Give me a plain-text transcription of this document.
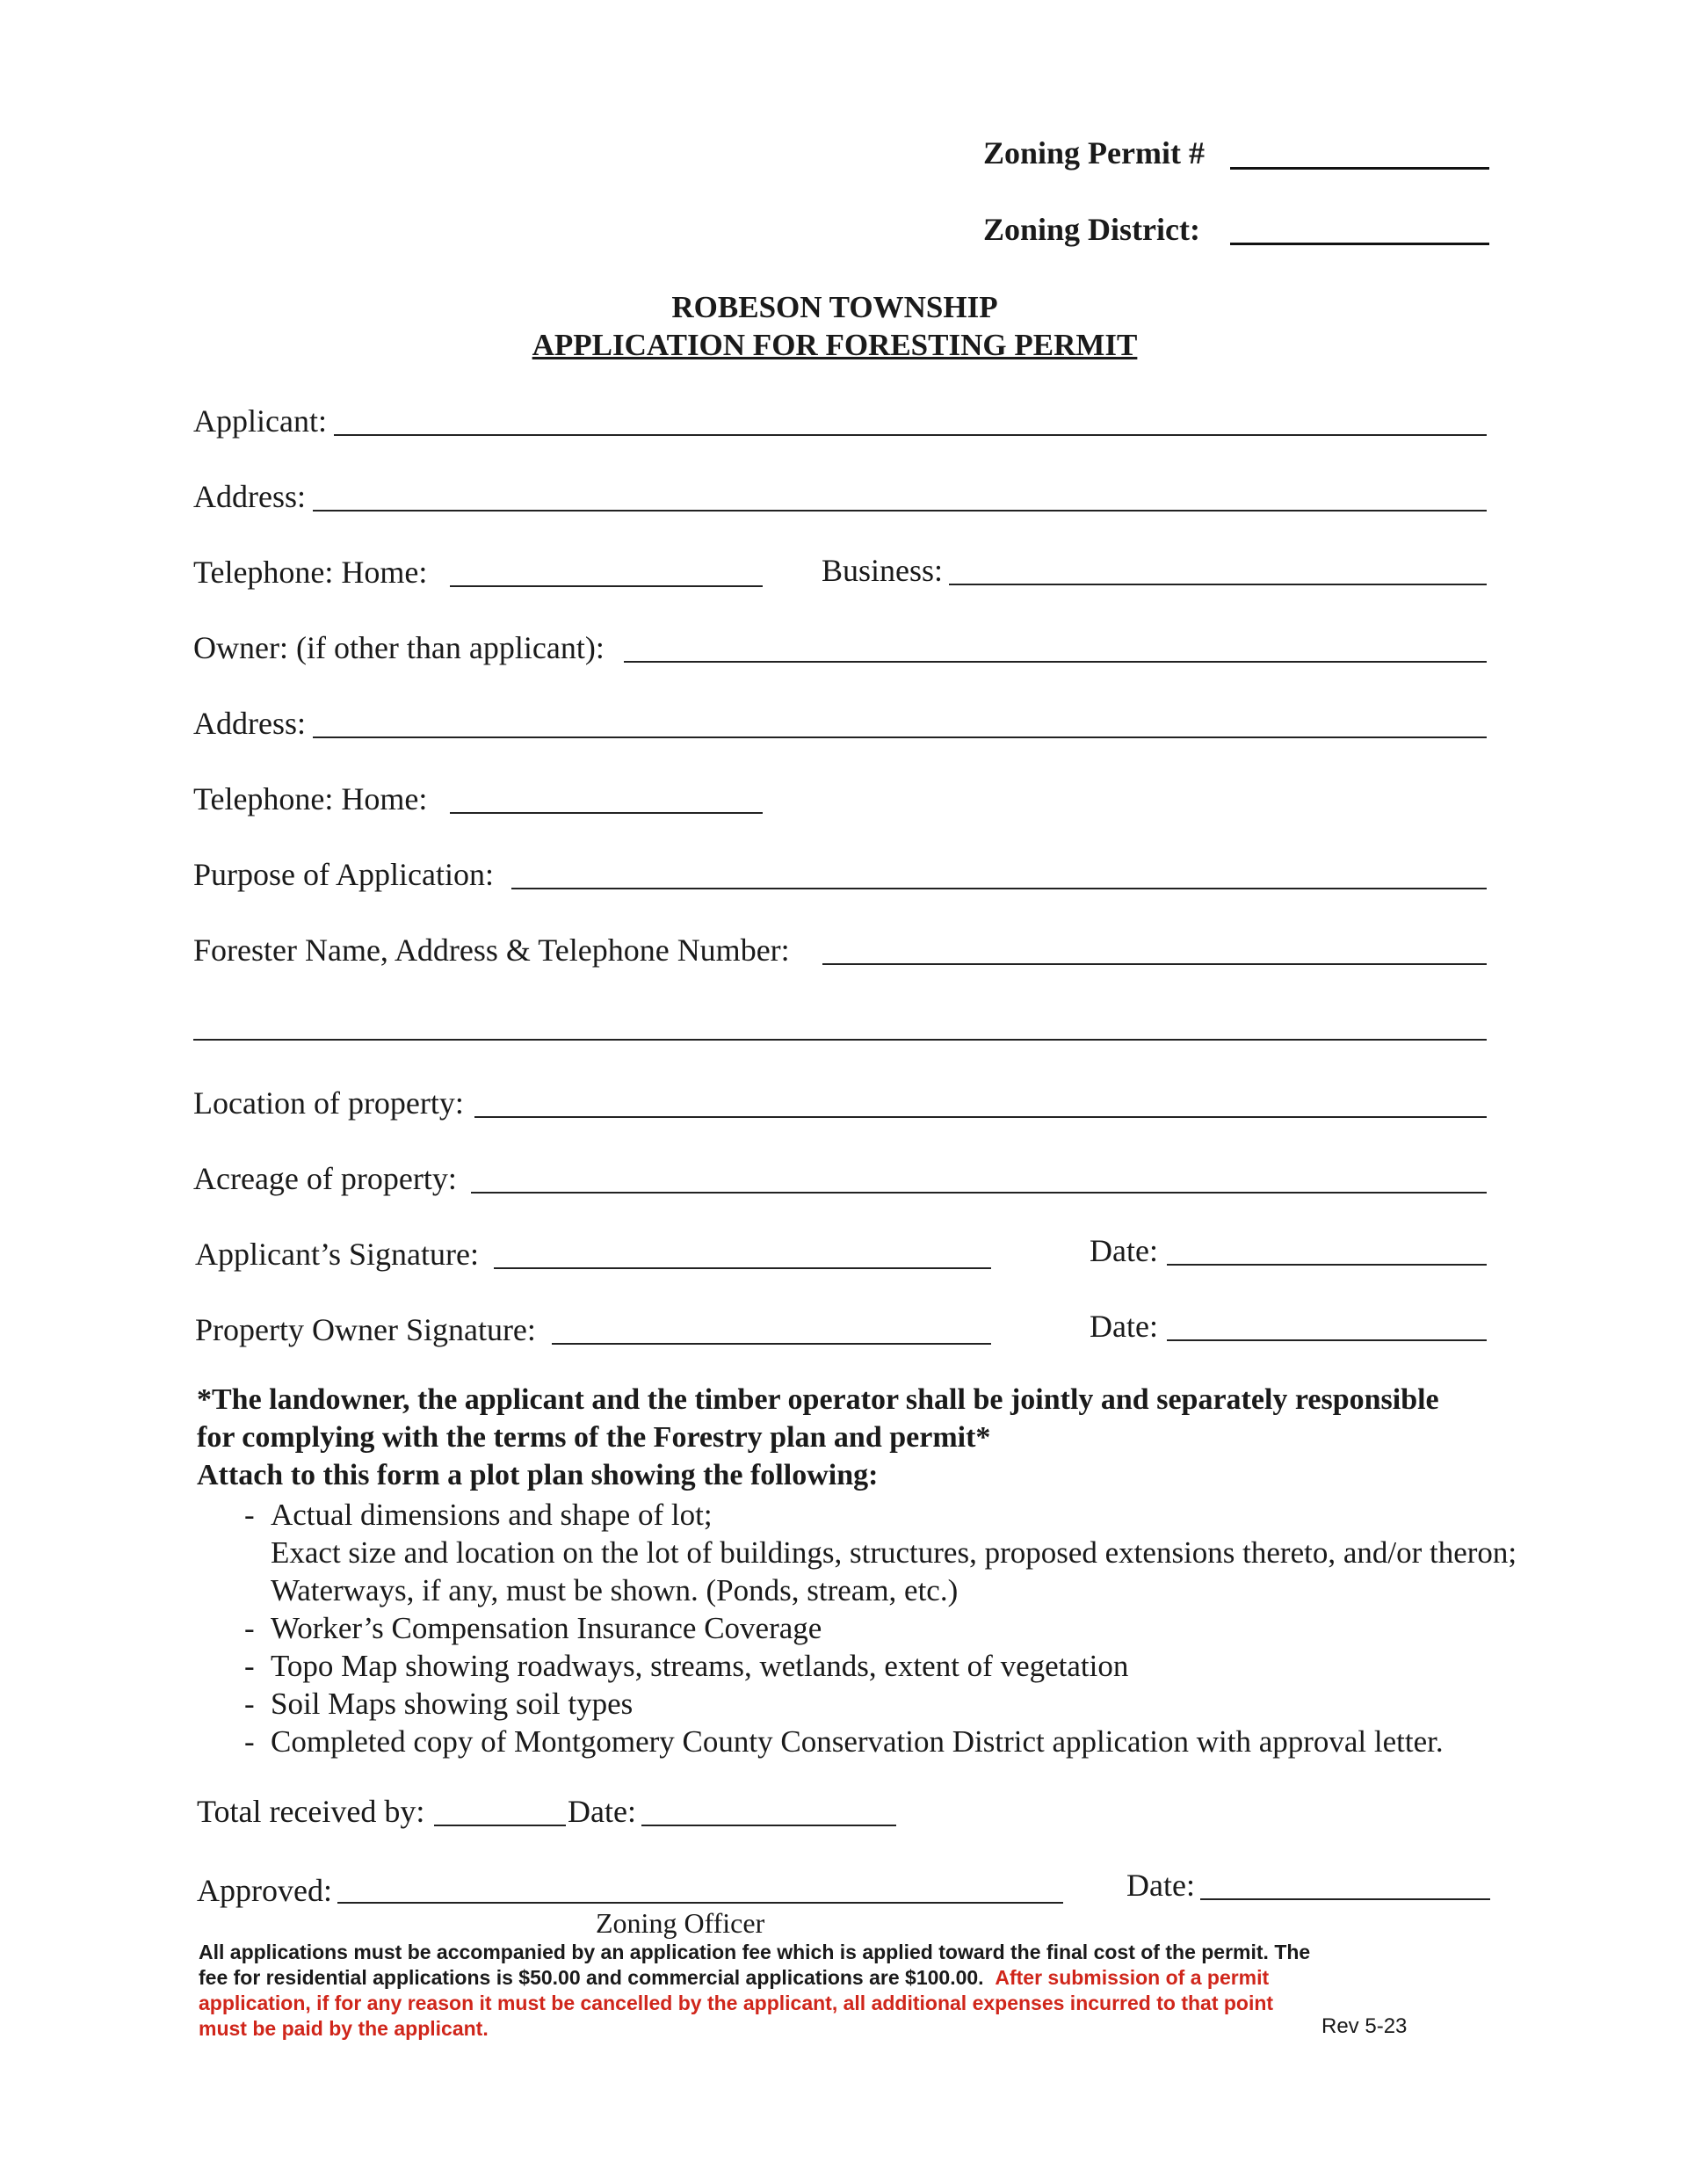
Zoning Permit #
Zoning District:
ROBESON TOWNSHIP
APPLICATION FOR FORESTING PERMIT
Applicant:
Address:
Telephone: Home:	Business:
Owner: (if other than applicant):
Address:
Telephone: Home:
Purpose of Application:
Forester Name, Address & Telephone Number:
Location of property:
Acreage of property:
Applicant’s Signature:	Date:
Property Owner Signature:	Date:
*The landowner, the applicant and the timber operator shall be jointly and separately responsible
for complying with the terms of the Forestry plan and permit*
Attach to this form a plot plan showing the following:
- Actual dimensions and shape of lot;
Exact size and location on the lot of buildings, structures, proposed extensions thereto, and/or theron;
Waterways, if any, must be shown. (Ponds, stream, etc.)
- Worker’s Compensation Insurance Coverage
- Topo Map showing roadways, streams, wetlands, extent of vegetation
- Soil Maps showing soil types
- Completed copy of Montgomery County Conservation District application with approval letter.
Total received by:	Date:
Approved:	Date:
Zoning Officer
All applications must be accompanied by an application fee which is applied toward the final cost of the permit. The
fee for residential applications is $50.00 and commercial applications are $100.00. After submission of a permit
application, if for any reason it must be cancelled by the applicant, all additional expenses incurred to that point
must be paid by the applicant.	Rev 5-23
